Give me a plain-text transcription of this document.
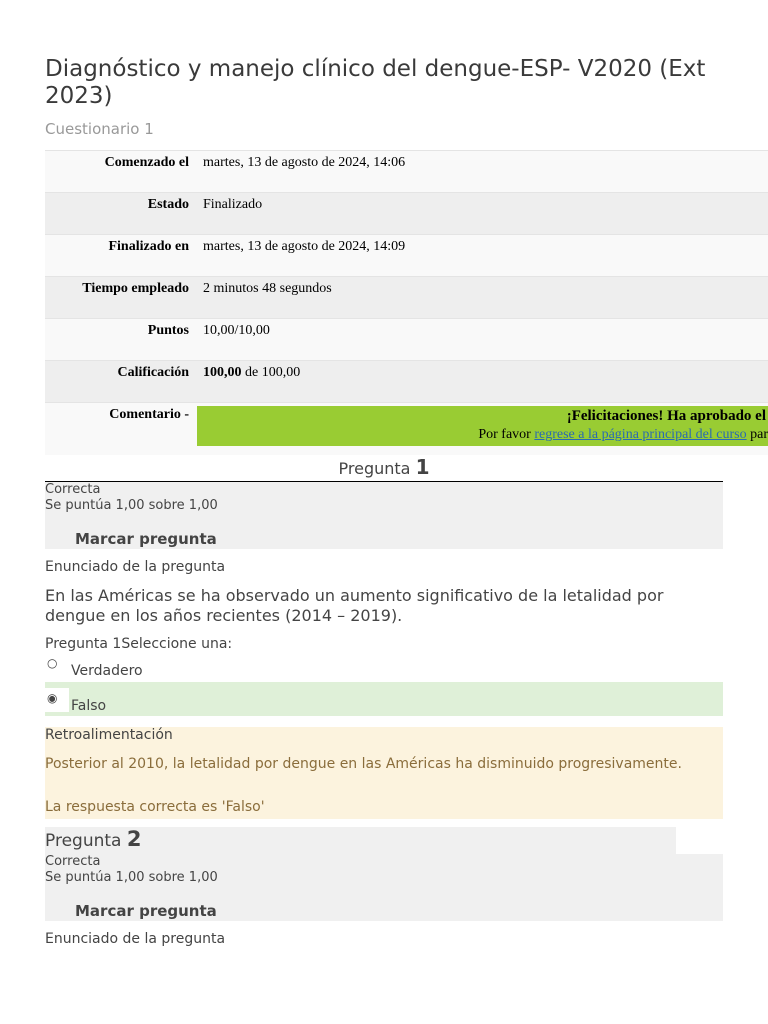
Diagnóstico y manejo clínico del dengue-ESP- V2020 (Ext 2023)
Cuestionario 1
Comenzado el	martes, 13 de agosto de 2024, 14:06
Estado	Finalizado
Finalizado en	martes, 13 de agosto de 2024, 14:09
Tiempo empleado	2 minutos 48 segundos
Puntos	10,00/10,00
Calificación	100,00 de 100,00
Comentario -	¡Felicitaciones! Ha aprobado el
Por favor regrese a la página principal del curso par
Pregunta 1
Correcta
Se puntúa 1,00 sobre 1,00
Marcar pregunta
Enunciado de la pregunta
En las Américas se ha observado un aumento significativo de la letalidad por dengue en los años recientes (2014 – 2019).
Pregunta 1Seleccione una:
○ Verdadero
◉ Falso
Retroalimentación
Posterior al 2010, la letalidad por dengue en las Américas ha disminuido progresivamente.
La respuesta correcta es 'Falso'
Pregunta 2
Correcta
Se puntúa 1,00 sobre 1,00
Marcar pregunta
Enunciado de la pregunta
